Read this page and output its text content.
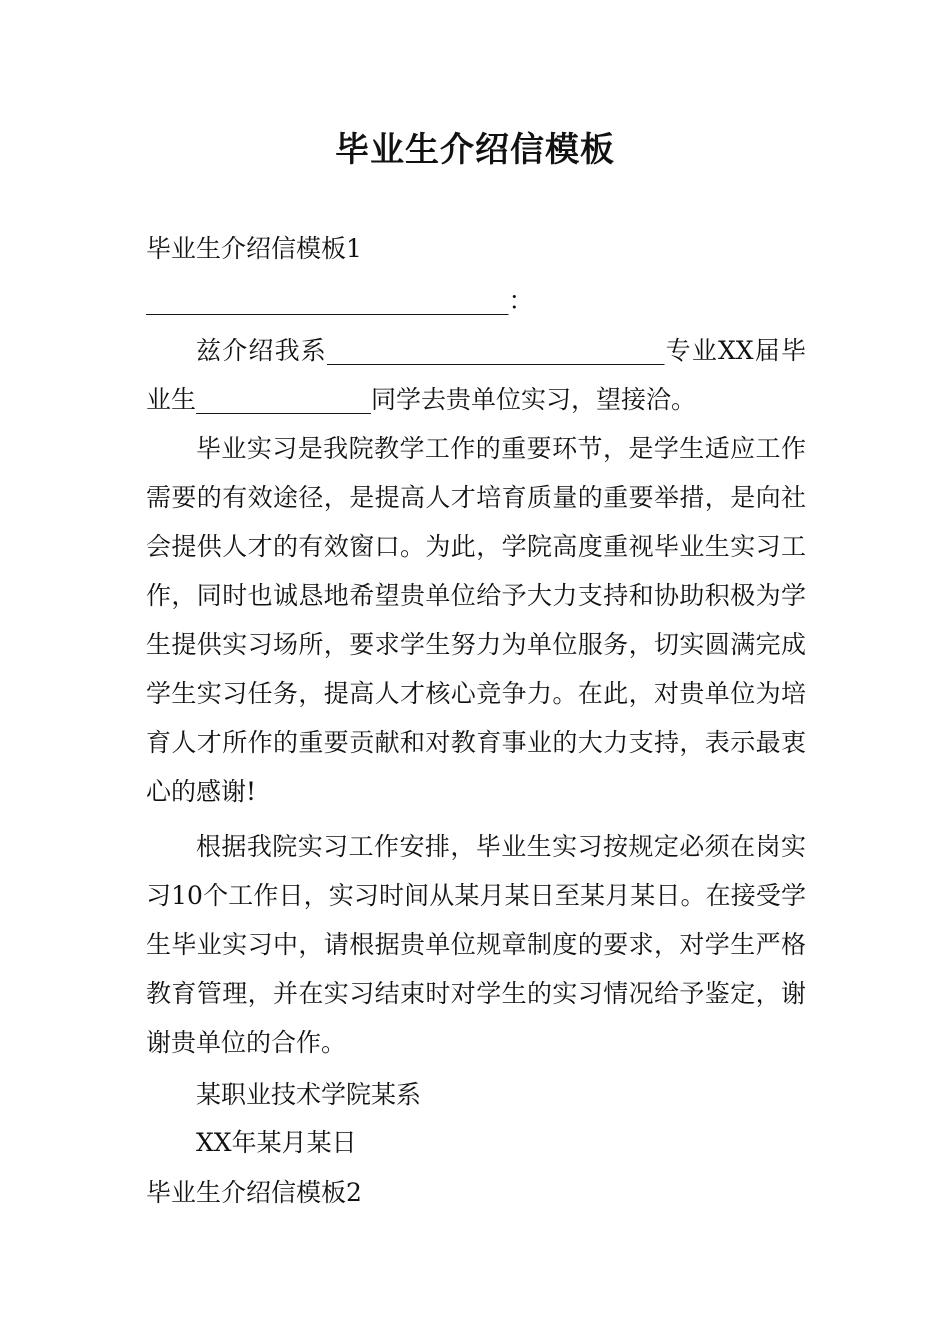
毕业生介绍信模板
毕业生介绍信模板1
_____________________________：
兹介绍我系___________________________专业XX届毕业生______________同学去贵单位实习，望接洽。
毕业实习是我院教学工作的重要环节，是学生适应工作需要的有效途径，是提高人才培育质量的重要举措，是向社会提供人才的有效窗口。为此，学院高度重视毕业生实习工作，同时也诚恳地希望贵单位给予大力支持和协助积极为学生提供实习场所，要求学生努力为单位服务，切实圆满完成学生实习任务，提高人才核心竞争力。在此，对贵单位为培育人才所作的重要贡献和对教育事业的大力支持，表示最衷心的感谢!
根据我院实习工作安排，毕业生实习按规定必须在岗实习10个工作日，实习时间从某月某日至某月某日。在接受学生毕业实习中，请根据贵单位规章制度的要求，对学生严格教育管理，并在实习结束时对学生的实习情况给予鉴定，谢谢贵单位的合作。
某职业技术学院某系
XX年某月某日
毕业生介绍信模板2
